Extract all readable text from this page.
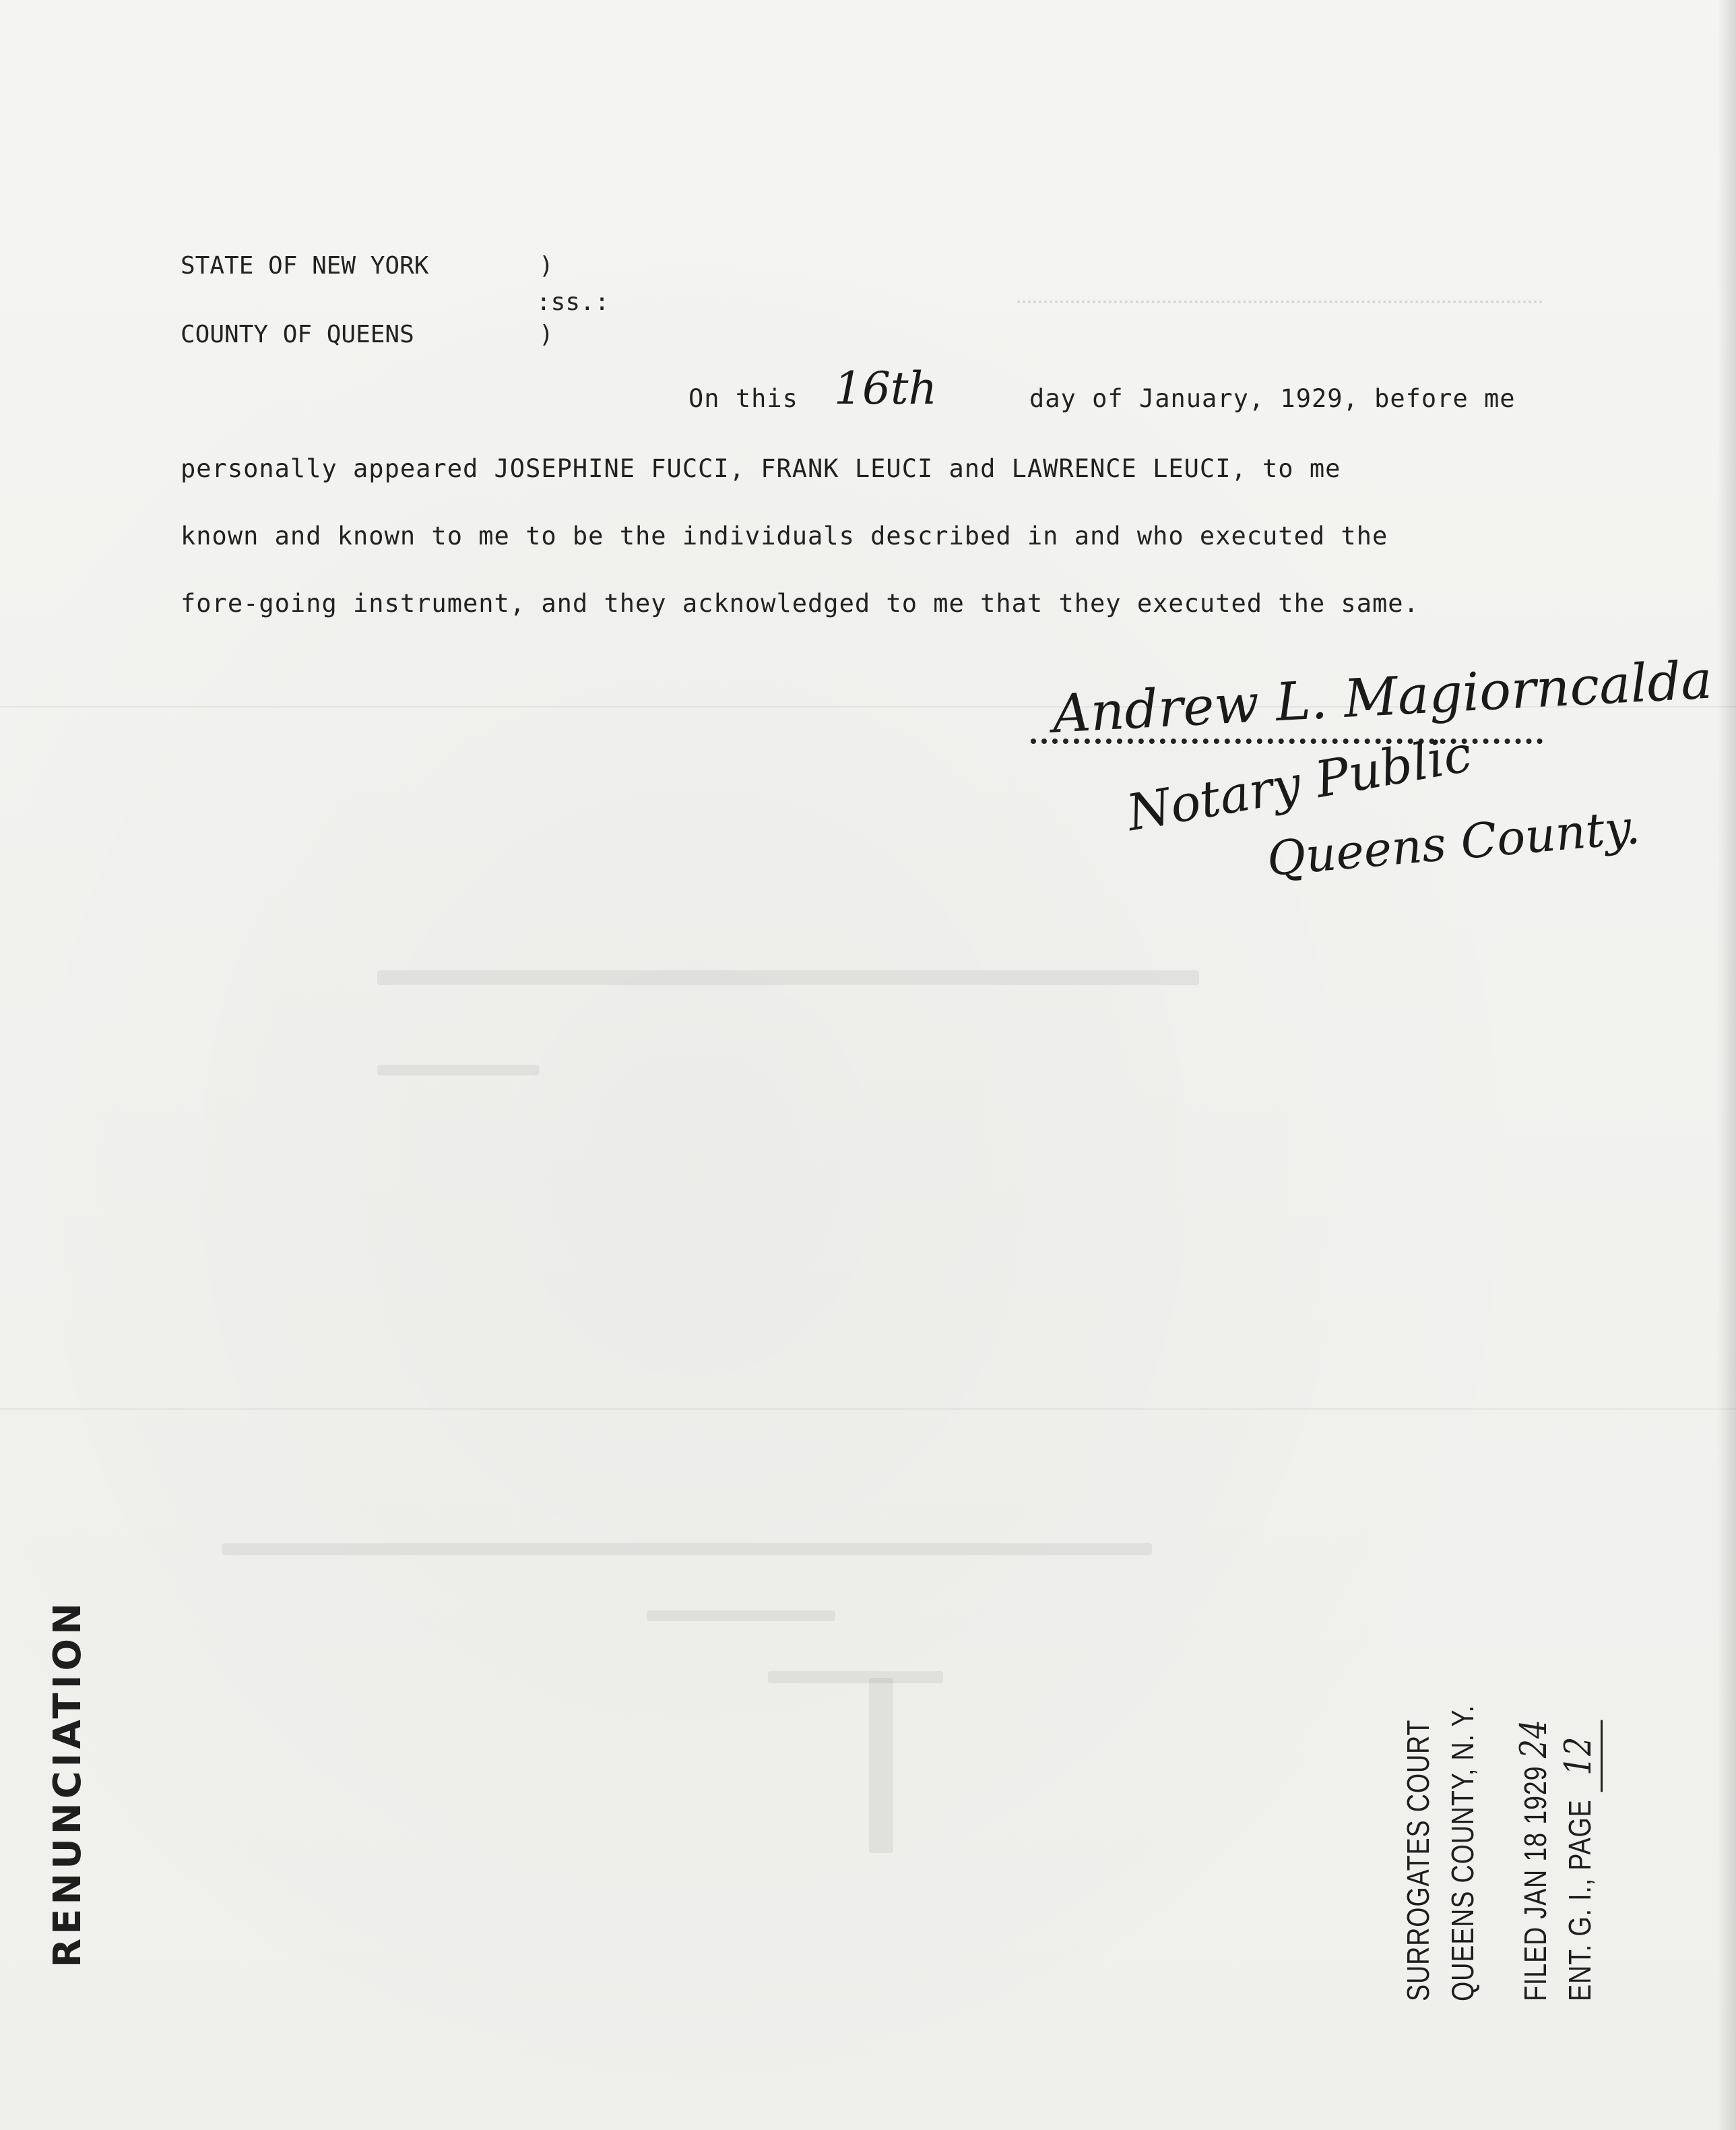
STATE OF NEW YORK	)
:ss.:
COUNTY OF QUEENS	)
On this 16th	day of January, 1929, before me
personally appeared JOSEPHINE FUCCI, FRANK LEUCI and LAWRENCE LEUCI, to me
known and known to me to be the individuals described in and who executed the
fore-going instrument, and they acknowledged to me that they executed the same.
Andrew L. Magiorncalda
Notary Public
Queens County.
RENUNCIATION	SURROGATES COURT QUEENS COUNTY, N. Y. FILED JAN 18 1929 24
ENT. G. I., PAGE 12
